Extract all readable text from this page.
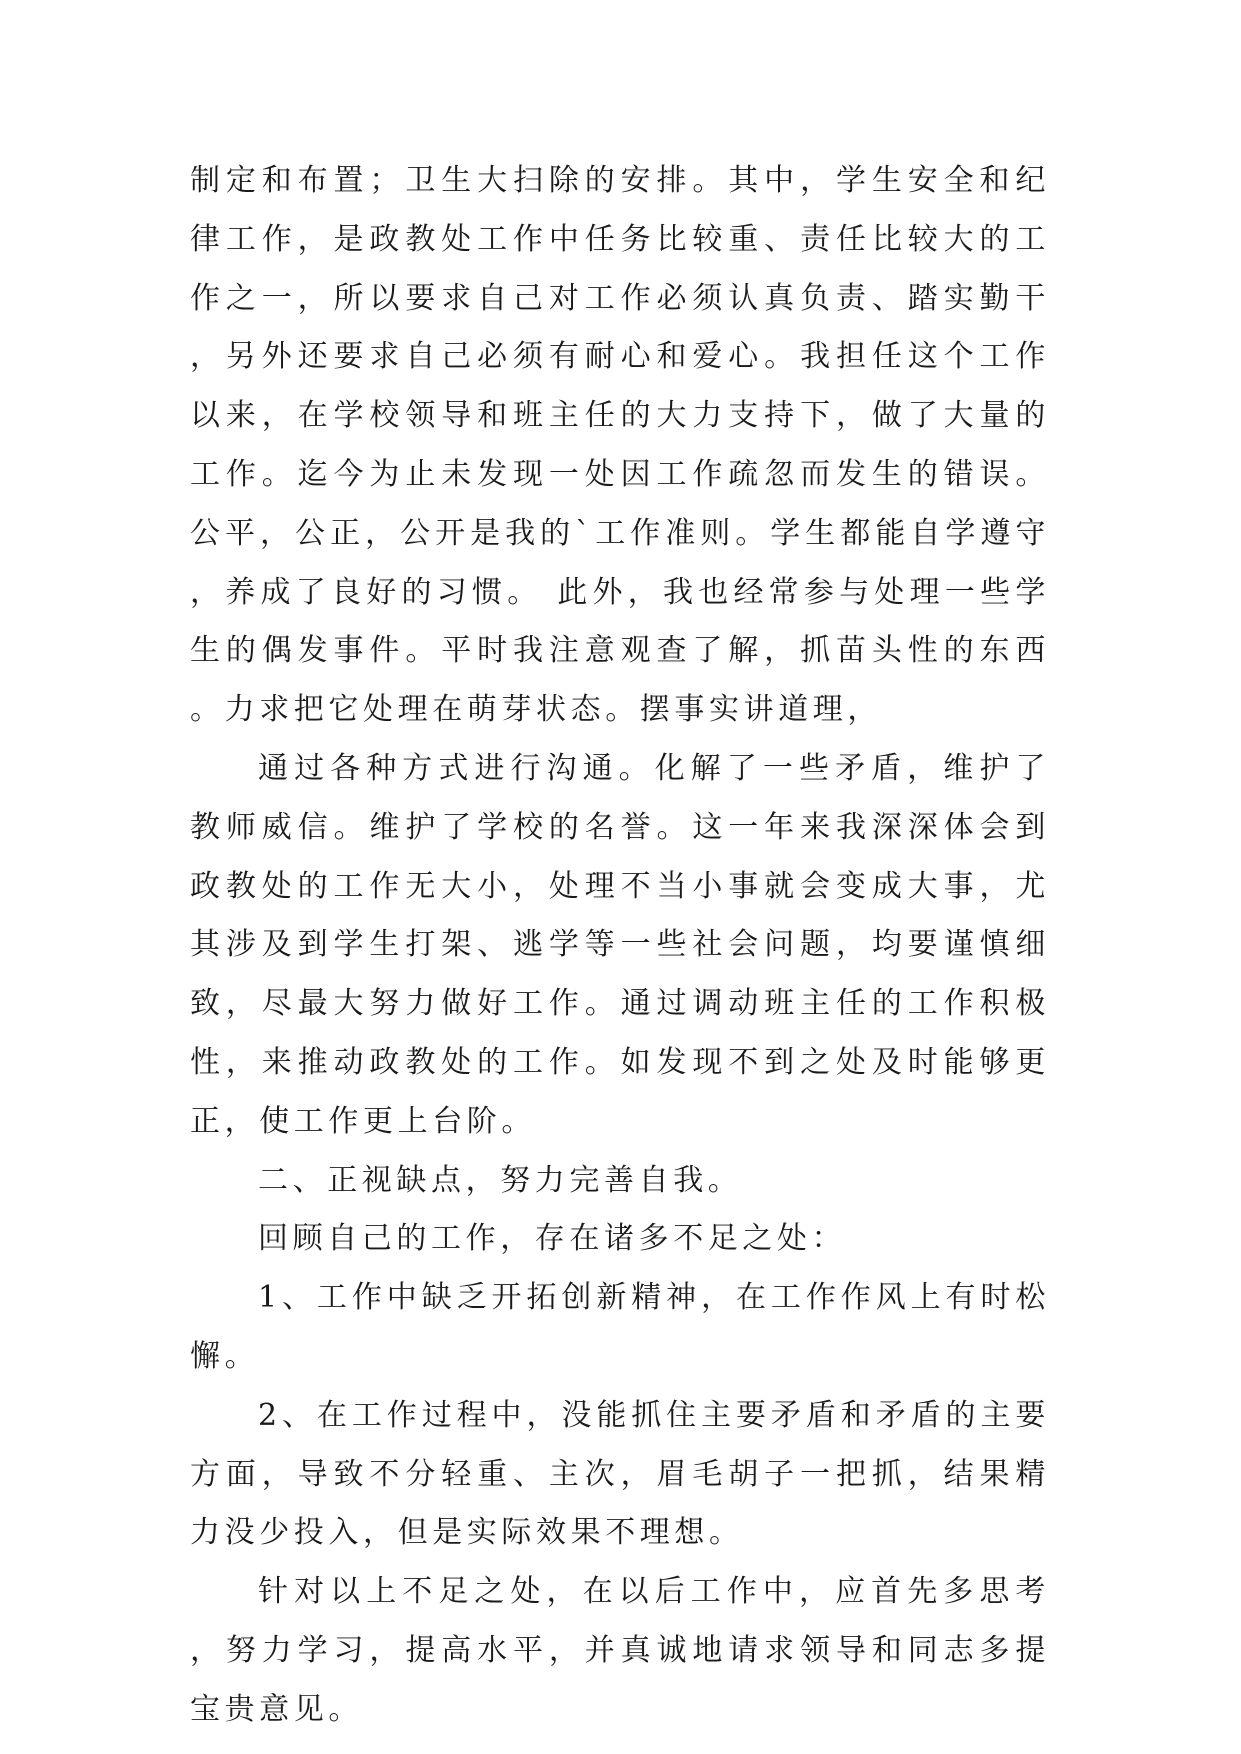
制定和布置；卫生大扫除的安排。其中，学生安全和纪律工作，是政教处工作中任务比较重、责任比较大的工作之一，所以要求自己对工作必须认真负责、踏实勤干，另外还要求自己必须有耐心和爱心。我担任这个工作以来，在学校领导和班主任的大力支持下，做了大量的工作。迄今为止未发现一处因工作疏忽而发生的错误。公平，公正，公开是我的`工作准则。学生都能自学遵守，养成了良好的习惯。 此外，我也经常参与处理一些学生的偶发事件。平时我注意观查了解，抓苗头性的东西。力求把它处理在萌芽状态。摆事实讲道理，

通过各种方式进行沟通。化解了一些矛盾，维护了教师威信。维护了学校的名誉。这一年来我深深体会到政教处的工作无大小，处理不当小事就会变成大事，尤其涉及到学生打架、逃学等一些社会问题，均要谨慎细致，尽最大努力做好工作。通过调动班主任的工作积极性，来推动政教处的工作。如发现不到之处及时能够更正，使工作更上台阶。

二、正视缺点，努力完善自我。

回顾自己的工作，存在诸多不足之处：

1、工作中缺乏开拓创新精神，在工作作风上有时松懈。

2、在工作过程中，没能抓住主要矛盾和矛盾的主要方面，导致不分轻重、主次，眉毛胡子一把抓，结果精力没少投入，但是实际效果不理想。

针对以上不足之处，在以后工作中，应首先多思考，努力学习，提高水平，并真诚地请求领导和同志多提宝贵意见。
